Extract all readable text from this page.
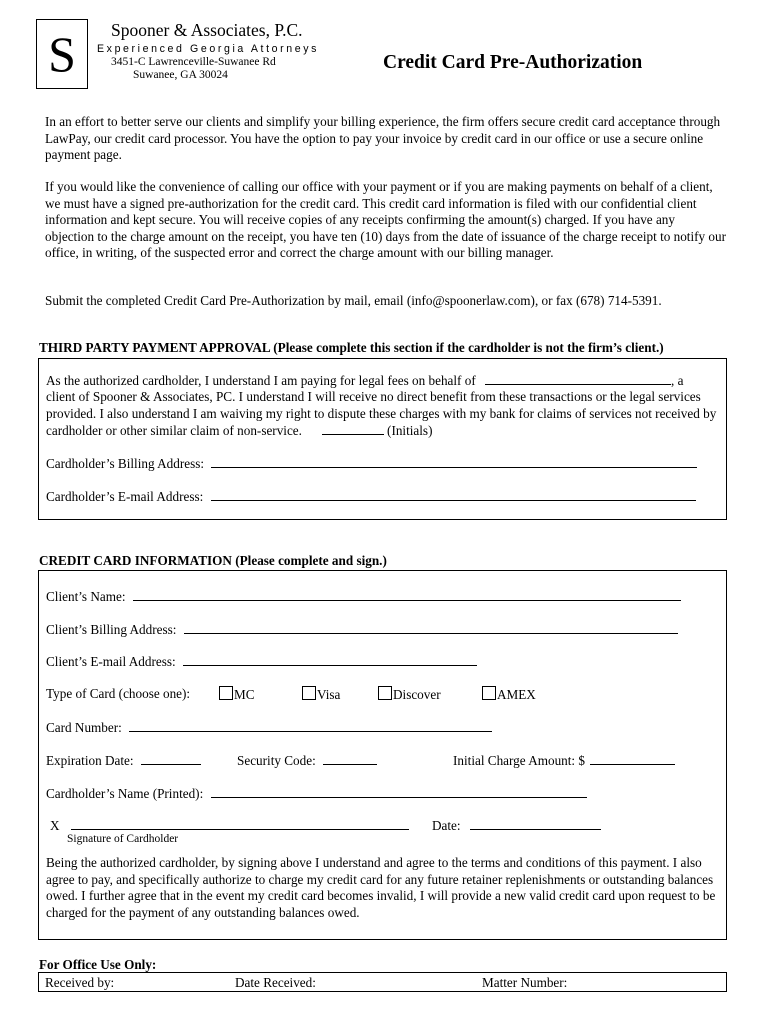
S Spooner & Associates, P.C.
Experienced Georgia Attorneys
3451-C Lawrenceville-Suwanee Rd
Suwanee, GA 30024
Credit Card Pre-Authorization
In an effort to better serve our clients and simplify your billing experience, the firm offers secure credit card acceptance through LawPay, our credit card processor. You have the option to pay your invoice by credit card in our office or use a secure online payment page.
If you would like the convenience of calling our office with your payment or if you are making payments on behalf of a client, we must have a signed pre-authorization for the credit card. This credit card information is filed with our confidential client information and kept secure. You will receive copies of any receipts confirming the amount(s) charged. If you have any objection to the charge amount on the receipt, you have ten (10) days from the date of issuance of the charge receipt to notify our office, in writing, of the suspected error and correct the charge amount with our billing manager.
Submit the completed Credit Card Pre-Authorization by mail, email (info@spoonerlaw.com), or fax (678) 714-5391.
THIRD PARTY PAYMENT APPROVAL (Please complete this section if the cardholder is not the firm’s client.)
As the authorized cardholder, I understand I am paying for legal fees on behalf of	, a
client of Spooner & Associates, PC. I understand I will receive no direct benefit from these transactions or the legal services provided. I also understand I am waiving my right to dispute these charges with my bank for claims of services not received by cardholder or other similar claim of non-service.	(Initials)
Cardholder’s Billing Address:
Cardholder’s E-mail Address:
CREDIT CARD INFORMATION (Please complete and sign.)
Client’s Name:
Client’s Billing Address:
Client’s E-mail Address:
Type of Card (choose one):	MC	Visa	Discover	AMEX
Card Number:
Expiration Date:	Security Code:	Initial Charge Amount: $
Cardholder’s Name (Printed):
X
Signature of Cardholder
Date:
Being the authorized cardholder, by signing above I understand and agree to the terms and conditions of this payment. I also agree to pay, and specifically authorize to charge my credit card for any future retainer replenishments or outstanding balances owed. I further agree that in the event my credit card becomes invalid, I will provide a new valid credit card upon request to be charged for the payment of any outstanding balances owed.
For Office Use Only:
Received by:	Date Received:	Matter Number:
